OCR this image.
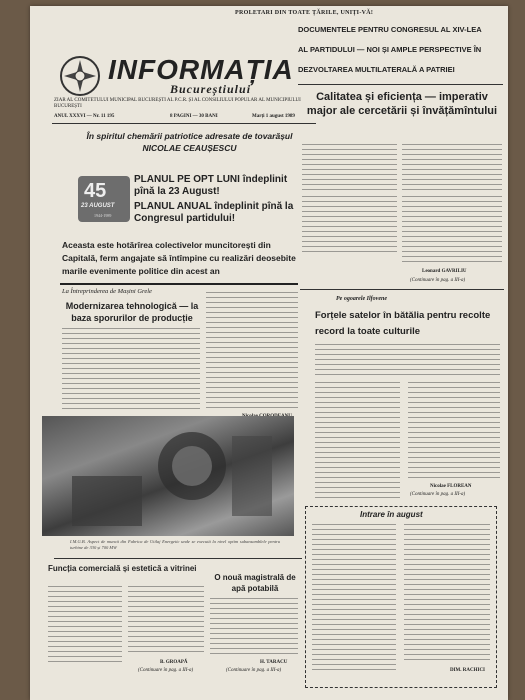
PROLETARI DIN TOATE ȚĂRILE, UNIȚI-VĂ!
INFORMAȚIA
Bucureștiului
ZIAR AL COMITETULUI MUNICIPAL BUCUREȘTI AL P.C.R. ȘI AL CONSILIULUI POPULAR AL MUNICIPIULUI BUCUREȘTI
ANUL XXXVI — Nr. 11 195	8 PAGINI — 30 BANI	Marți 1 august 1989
DOCUMENTELE PENTRU CONGRESUL AL XIV-LEA
AL PARTIDULUI — NOI ȘI AMPLE PERSPECTIVE ÎN
DEZVOLTAREA MULTILATERALĂ A PATRIEI
Calitatea și eficiența — imperativ major ale cercetării și învățămîntului
Leonard GAVRILIU
(Continuare în pag. a III-a)
În spiritul chemării patriotice adresate de tovarășul NICOLAE CEAUȘESCU
45
23 AUGUST
1944-1989
PLANUL PE OPT LUNI îndeplinit pînă la 23 August!
PLANUL ANUAL îndeplinit pînă la Congresul partidului!
Aceasta este hotărîrea colectivelor muncitorești din Capitală, ferm angajate să întîmpine cu realizări deosebite marile evenimente politice din acest an
La Întreprinderea de Mașini Grele
Modernizarea tehnologică — la baza sporurilor de producție
I.M.G.B. Aspect de muncă din Fabrica de Utilaj Energetic unde se execută la nivel optim subansamblele pentru turbine de 330 și 700 MW
Pe ogoarele Ilfovene
Forțele satelor în bătălia pentru recolte record la toate culturile
Nicolae FLOREAN
(Continuare în pag. a III-a)
Intrare în august
DIM. RACHICI
Funcția comercială și estetică a vitrinei
B. GROAPĂ
(Continuare în pag. a III-a)
O nouă magistrală de apă potabilă
H. TARACU
(Continuare în pag. a III-a)
